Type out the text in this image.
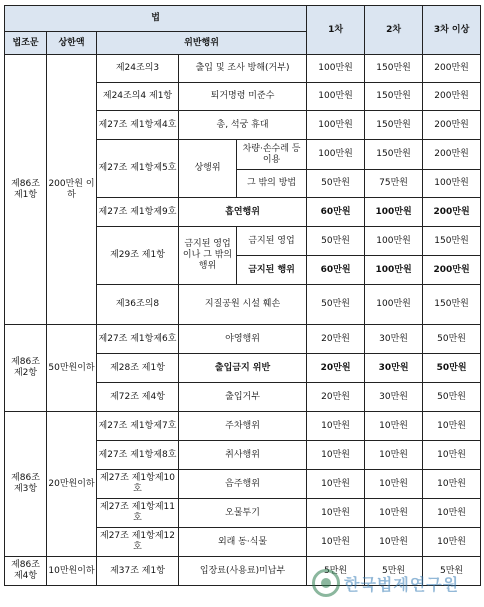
법					1차	2차	3차 이상
법조문	상한액	위반행위					
제86조 제1항	200만원 이하	제24조의3	출입 및 조사 방해(거부)		100만원	150만원	200만원
		제24조의4 제1항	퇴거명령 미준수		100만원	150만원	200만원
		제27조 제1항제4호	총, 석궁 휴대		100만원	150만원	200만원
		제27조 제1항제5호	상행위	차량·손수레 등 이용	100만원	150만원	200만원
				그 밖의 방법	50만원	75만원	100만원
		제27조 제1항제9호	흡연행위		60만원	100만원	200만원
		제29조 제1항	금지된 영업이나 그 밖의 행위	금지된 영업	50만원	100만원	150만원
				금지된 행위	60만원	100만원	200만원
		제36조의8	지질공원 시설 훼손		50만원	100만원	150만원
제86조 제2항	50만원이하	제27조 제1항제6호	야영행위		20만원	30만원	50만원
		제28조 제1항	출입금지 위반		20만원	30만원	50만원
		제72조 제4항	출입거부		20만원	30만원	50만원
제86조 제3항	20만원이하	제27조 제1항제7호	주차행위		10만원	10만원	10만원
		제27조 제1항제8호	취사행위		10만원	10만원	10만원
		제27조 제1항제10호	음주행위		10만원	10만원	10만원
		제27조 제1항제11호	오물투기		10만원	10만원	10만원
		제27조 제1항제12호	외래 동·식물		10만원	10만원	10만원
제86조 제4항	10만원이하	제37조 제1항	입장료(사용료)미납부		5만원	5만원	5만원
한국법제연구원
